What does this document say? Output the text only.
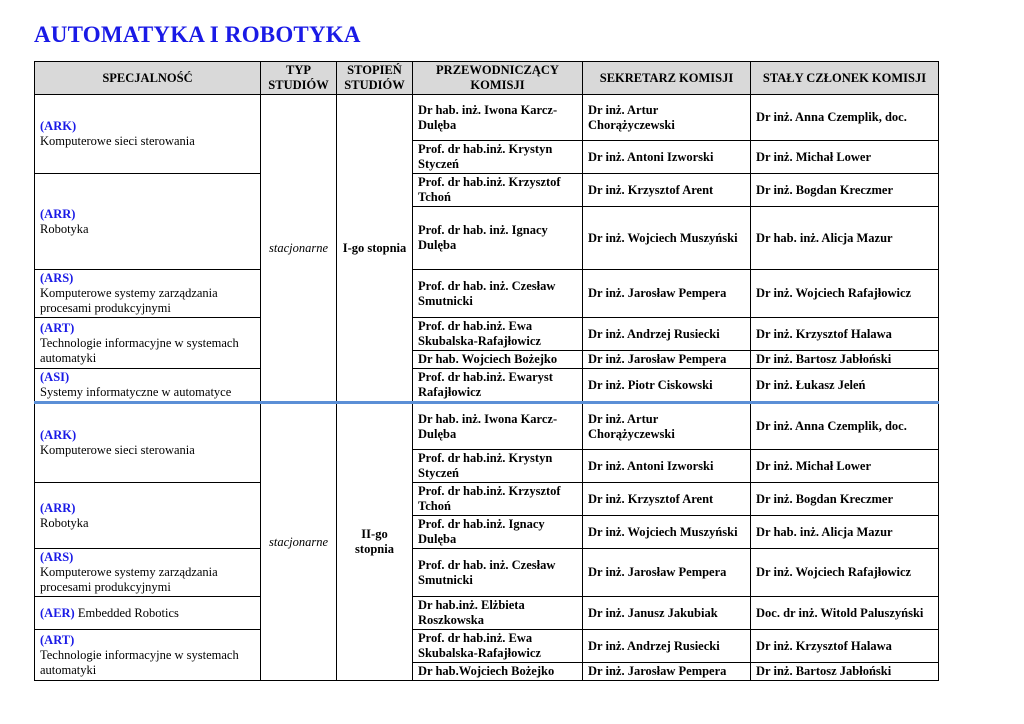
AUTOMATYKA I ROBOTYKA
SPECJALNOŚĆ	TYP STUDIÓW	STOPIEŃ STUDIÓW	PRZEWODNICZĄCY KOMISJI	SEKRETARZ KOMISJI	STAŁY CZŁONEK KOMISJI

(ARK)
Komputerowe sieci sterowania	stacjonarne	I-go stopnia	Dr hab. inż. Iwona Karcz-Dulęba	Dr inż. Artur Chorążyczewski	Dr inż. Anna Czemplik, doc.
			Prof. dr hab.inż. Krystyn Styczeń	Dr inż. Antoni Izworski	Dr inż. Michał Lower

(ARR)
Robotyka			Prof. dr hab.inż. Krzysztof Tchoń	Dr inż. Krzysztof Arent	Dr inż. Bogdan Kreczmer
			Prof. dr hab. inż. Ignacy Dulęba	Dr inż. Wojciech Muszyński	Dr hab. inż. Alicja Mazur

(ARS)
Komputerowe systemy zarządzania procesami produkcyjnymi			Prof. dr hab. inż. Czesław Smutnicki	Dr inż. Jarosław Pempera	Dr inż. Wojciech Rafajłowicz

(ART)
Technologie informacyjne w systemach automatyki			Prof. dr hab.inż. Ewa Skubalska-Rafajłowicz	Dr inż. Andrzej Rusiecki	Dr inż. Krzysztof Halawa
			Dr hab. Wojciech Bożejko	Dr inż. Jarosław Pempera	Dr inż. Bartosz Jabłoński

(ASI)
Systemy informatyczne w automatyce			Prof. dr hab.inż. Ewaryst Rafajłowicz	Dr inż. Piotr Ciskowski	Dr inż. Łukasz Jeleń

(ARK)
Komputerowe sieci sterowania	stacjonarne	II-go stopnia	Dr hab. inż. Iwona Karcz-Dulęba	Dr inż. Artur Chorążyczewski	Dr inż. Anna Czemplik, doc.
			Prof. dr hab.inż. Krystyn Styczeń	Dr inż. Antoni Izworski	Dr inż. Michał Lower

(ARR)
Robotyka			Prof. dr hab.inż. Krzysztof Tchoń	Dr inż. Krzysztof Arent	Dr inż. Bogdan Kreczmer
			Prof. dr hab.inż. Ignacy Dulęba	Dr inż. Wojciech Muszyński	Dr hab. inż. Alicja Mazur

(ARS)
Komputerowe systemy zarządzania procesami produkcyjnymi			Prof. dr hab. inż. Czesław Smutnicki	Dr inż. Jarosław Pempera	Dr inż. Wojciech Rafajłowicz
(AER) Embedded Robotics			Dr hab.inż. Elżbieta Roszkowska	Dr inż. Janusz Jakubiak	Doc. dr inż. Witold Paluszyński

(ART)
Technologie informacyjne w systemach automatyki			Prof. dr hab.inż. Ewa Skubalska-Rafajłowicz	Dr inż. Andrzej Rusiecki	Dr inż. Krzysztof Halawa
			Dr hab.Wojciech Bożejko	Dr inż. Jarosław Pempera	Dr inż. Bartosz Jabłoński
